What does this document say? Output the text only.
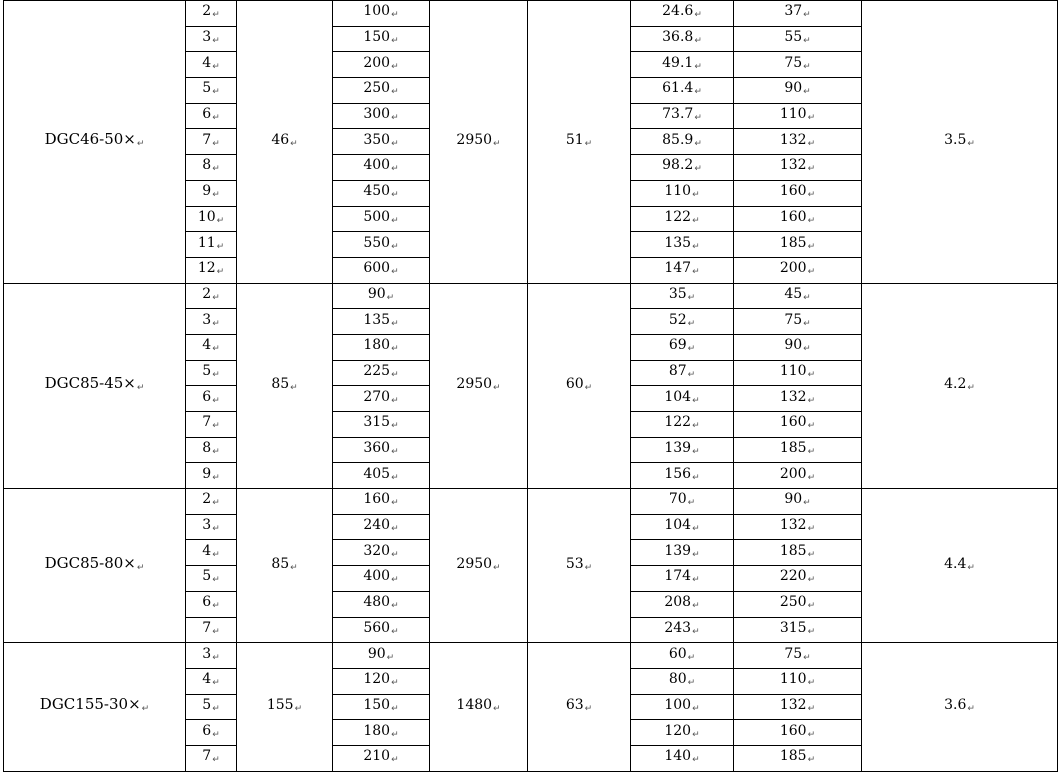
DGC46-50×↵	2↵	46↵	100↵	2950↵	51↵	24.6↵	37↵	3.5↵
	3↵		150↵			36.8↵	55↵	
	4↵		200↵			49.1↵	75↵	
	5↵		250↵			61.4↵	90↵	
	6↵		300↵			73.7↵	110↵	
	7↵		350↵			85.9↵	132↵	
	8↵		400↵			98.2↵	132↵	
	9↵		450↵			110↵	160↵	
	10↵		500↵			122↵	160↵	
	11↵		550↵			135↵	185↵	
	12↵		600↵			147↵	200↵	
DGC85-45×↵	2↵	85↵	90↵	2950↵	60↵	35↵	45↵	4.2↵
	3↵		135↵			52↵	75↵	
	4↵		180↵			69↵	90↵	
	5↵		225↵			87↵	110↵	
	6↵		270↵			104↵	132↵	
	7↵		315↵			122↵	160↵	
	8↵		360↵			139↵	185↵	
	9↵		405↵			156↵	200↵	
DGC85-80×↵	2↵	85↵	160↵	2950↵	53↵	70↵	90↵	4.4↵
	3↵		240↵			104↵	132↵	
	4↵		320↵			139↵	185↵	
	5↵		400↵			174↵	220↵	
	6↵		480↵			208↵	250↵	
	7↵		560↵			243↵	315↵	
DGC155-30×↵	3↵	155↵	90↵	1480↵	63↵	60↵	75↵	3.6↵
	4↵		120↵			80↵	110↵	
	5↵		150↵			100↵	132↵	
	6↵		180↵			120↵	160↵	
	7↵		210↵			140↵	185↵	
